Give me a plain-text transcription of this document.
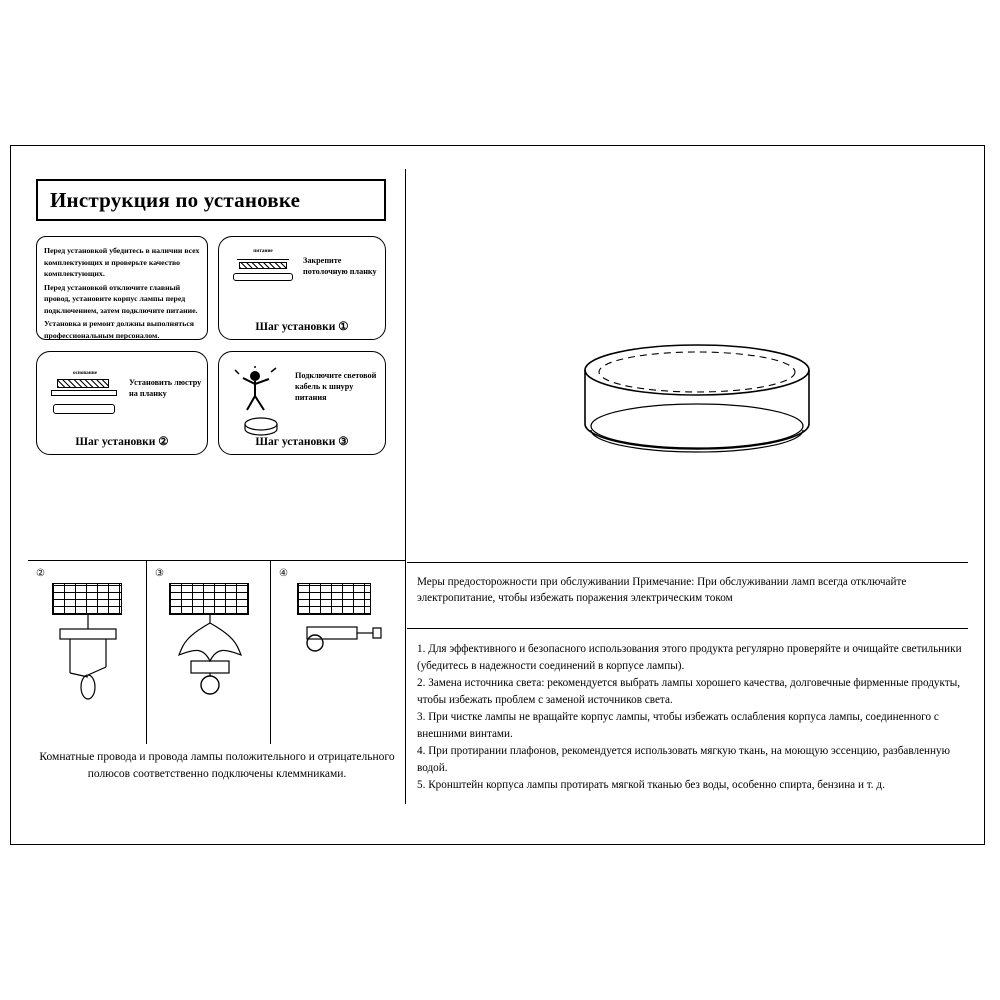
Инструкция по установке
Перед установкой убедитесь в наличии всех комплектующих и проверьте качество комплектующих.
Перед установкой отключите главный провод, установите корпус лампы перед подключением, затем подключите питание.
Установка и ремонт должны выполняться профессиональным персоналом.
питание
Закрепите потолочную планку
Шаг установки ①
основание
Установить люстру на планку
Шаг установки ②
Подключите световой кабель к шнуру питания
Шаг установки ③
②	③	④
Комнатные провода и провода лампы положительного и отрицательного полюсов соответственно подключены клеммниками.
Меры предосторожности при обслуживании Примечание: При обслуживании ламп всегда отключайте электропитание, чтобы избежать поражения электрическим током
1. Для эффективного и безопасного использования этого продукта регулярно проверяйте и очищайте светильники (убедитесь в надежности соединений в корпусе лампы).
2. Замена источника света: рекомендуется выбрать лампы хорошего качества, долговечные фирменные продукты, чтобы избежать проблем с заменой источников света.
3. При чистке лампы не вращайте корпус лампы, чтобы избежать ослабления корпуса лампы, соединенного с внешними винтами.
4. При протирании плафонов, рекомендуется использовать мягкую ткань, на моющую эссенцию, разбавленную водой.
5. Кронштейн корпуса лампы протирать мягкой тканью без воды, особенно спирта, бензина и т. д.
